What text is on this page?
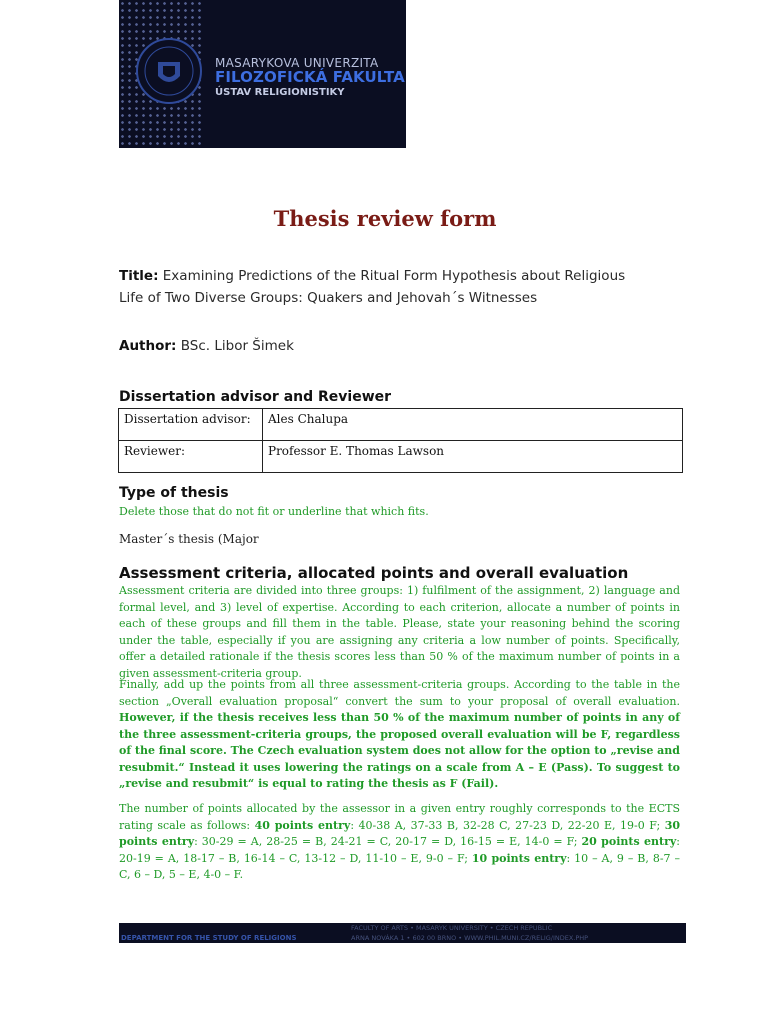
MASARYKOVA UNIVERZITA
FILOZOFICKÁ FAKULTA
ÚSTAV RELIGIONISTIKY
Thesis review form
Title: Examining Predictions of the Ritual Form Hypothesis about Religious
Life of Two Diverse Groups: Quakers and Jehovah´s Witnesses
Author: BSc. Libor Šimek
Dissertation advisor and Reviewer
Dissertation advisor:	Ales Chalupa
Reviewer:	Professor E. Thomas Lawson
Type of thesis
Delete those that do not fit or underline that which fits.
Master´s thesis (Major
Assessment criteria, allocated points and overall evaluation
Assessment criteria are divided into three groups: 1) fulfilment of the assignment, 2) language and formal level, and 3) level of expertise. According to each criterion, allocate a number of points in each of these groups and fill them in the table. Please, state your reasoning behind the scoring under the table, especially if you are assigning any criteria a low number of points. Specifically, offer a detailed rationale if the thesis scores less than 50 % of the maximum number of points in a given assessment-criteria group.
Finally, add up the points from all three assessment-criteria groups. According to the table in the section „Overall evaluation proposal“ convert the sum to your proposal of overall evaluation. However, if the thesis receives less than 50 % of the maximum number of points in any of the three assessment-criteria groups, the proposed overall evaluation will be F, regardless of the final score. The Czech evaluation system does not allow for the option to „revise and resubmit.“ Instead it uses lowering the ratings on a scale from A – E (Pass). To suggest to „revise and resubmit“ is equal to rating the thesis as F (Fail).
The number of points allocated by the assessor in a given entry roughly corresponds to the ECTS rating scale as follows: 40 points entry: 40-38 A, 37-33 B, 32-28 C, 27-23 D, 22-20 E, 19-0 F; 30 points entry: 30-29 = A, 28-25 = B, 24-21 = C, 20-17 = D, 16-15 = E, 14-0 = F; 20 points entry: 20-19 = A, 18-17 – B, 16-14 – C, 13-12 – D, 11-10 – E, 9-0 – F; 10 points entry: 10 – A, 9 – B, 8-7 – C, 6 – D, 5 – E, 4-0 – F.
DEPARTMENT FOR THE STUDY OF RELIGIONS
FACULTY OF ARTS • MASARYK UNIVERSITY • CZECH REPUBLIC
ARNA NOVÁKA 1 • 602 00 BRNO • WWW.PHIL.MUNI.CZ/RELIG/INDEX.PHP
